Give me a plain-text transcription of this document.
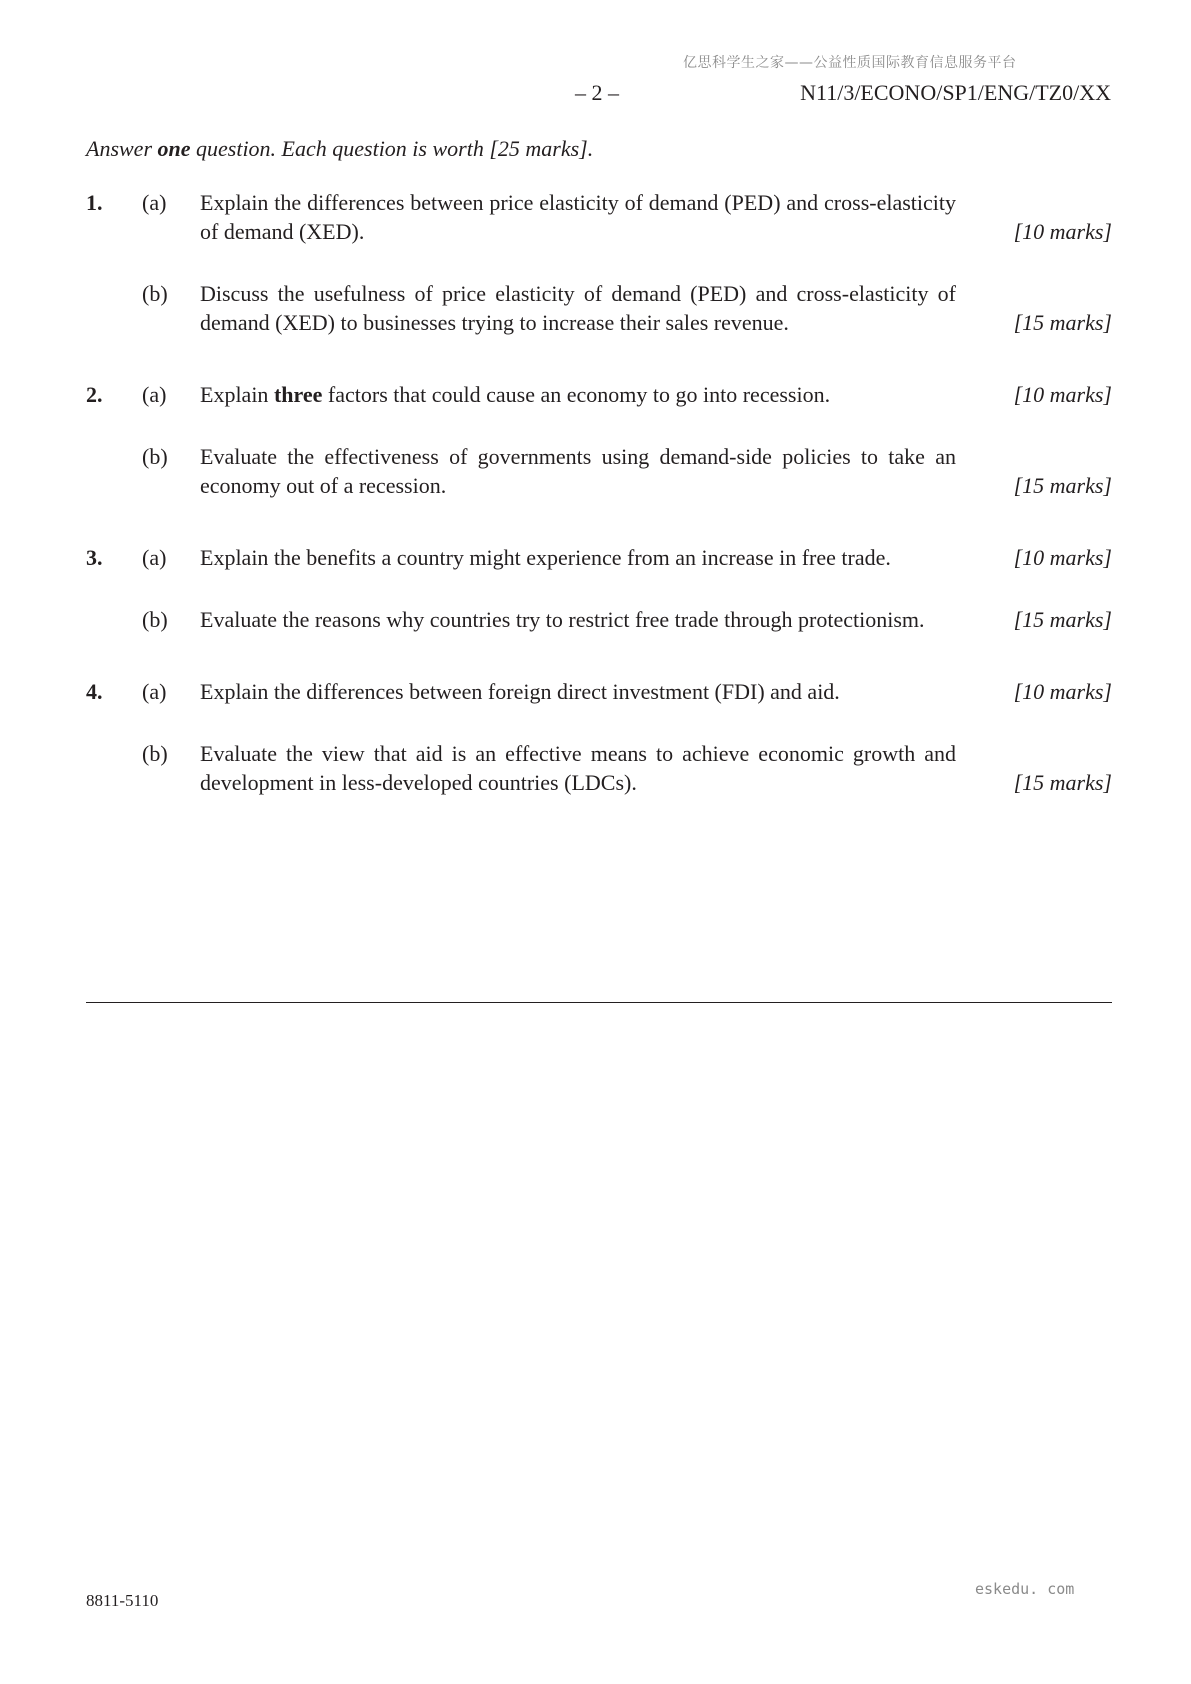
亿思科学生之家——公益性质国际教育信息服务平台
– 2 –	N11/3/ECONO/SP1/ENG/TZ0/XX
Answer one question. Each question is worth [25 marks].
1.	(a)	Explain the differences between price elasticity of demand (PED) and cross-elasticity of demand (XED).	[10 marks]
(b)	Discuss the usefulness of price elasticity of demand (PED) and cross-elasticity of demand (XED) to businesses trying to increase their sales revenue.	[15 marks]
2.	(a)	Explain three factors that could cause an economy to go into recession.	[10 marks]
(b)	Evaluate the effectiveness of governments using demand-side policies to take an economy out of a recession.	[15 marks]
3.	(a)	Explain the benefits a country might experience from an increase in free trade.	[10 marks]
(b)	Evaluate the reasons why countries try to restrict free trade through protectionism.	[15 marks]
4.	(a)	Explain the differences between foreign direct investment (FDI) and aid.	[10 marks]
(b)	Evaluate the view that aid is an effective means to achieve economic growth and development in less-developed countries (LDCs).	[15 marks]
8811-5110
eskedu. com
